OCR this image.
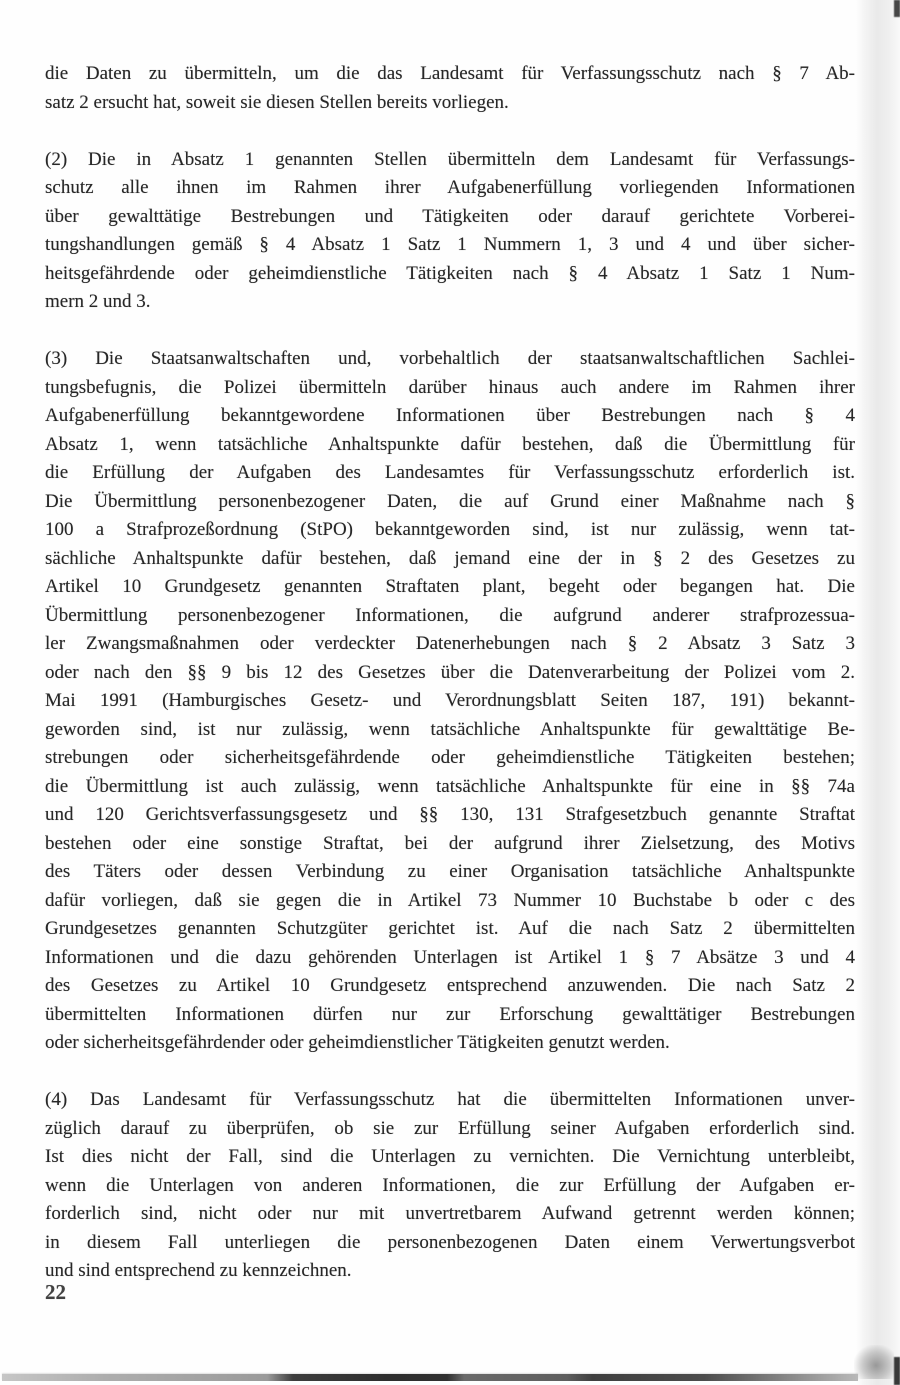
die Daten zu übermitteln, um die das Landesamt für Verfassungsschutz nach § 7 Ab-
satz 2 ersucht hat, soweit sie diesen Stellen bereits vorliegen.
(2) Die in Absatz 1 genannten Stellen übermitteln dem Landesamt für Verfassungs-
schutz alle ihnen im Rahmen ihrer Aufgabenerfüllung vorliegenden Informationen
über gewalttätige Bestrebungen und Tätigkeiten oder darauf gerichtete Vorberei-
tungshandlungen gemäß § 4 Absatz 1 Satz 1 Nummern 1, 3 und 4 und über sicher-
heitsgefährdende oder geheimdienstliche Tätigkeiten nach § 4 Absatz 1 Satz 1 Num-
mern 2 und 3.
(3) Die Staatsanwaltschaften und, vorbehaltlich der staatsanwaltschaftlichen Sachlei-
tungsbefugnis, die Polizei übermitteln darüber hinaus auch andere im Rahmen ihrer
Aufgabenerfüllung bekanntgewordene Informationen über Bestrebungen nach § 4
Absatz 1, wenn tatsächliche Anhaltspunkte dafür bestehen, daß die Übermittlung für
die Erfüllung der Aufgaben des Landesamtes für Verfassungsschutz erforderlich ist.
Die Übermittlung personenbezogener Daten, die auf Grund einer Maßnahme nach §
100 a Strafprozeßordnung (StPO) bekanntgeworden sind, ist nur zulässig, wenn tat-
sächliche Anhaltspunkte dafür bestehen, daß jemand eine der in § 2 des Gesetzes zu
Artikel 10 Grundgesetz genannten Straftaten plant, begeht oder begangen hat. Die
Übermittlung personenbezogener Informationen, die aufgrund anderer strafprozessua-
ler Zwangsmaßnahmen oder verdeckter Datenerhebungen nach § 2 Absatz 3 Satz 3
oder nach den §§ 9 bis 12 des Gesetzes über die Datenverarbeitung der Polizei vom 2.
Mai 1991 (Hamburgisches Gesetz- und Verordnungsblatt Seiten 187, 191) bekannt-
geworden sind, ist nur zulässig, wenn tatsächliche Anhaltspunkte für gewalttätige Be-
strebungen oder sicherheitsgefährdende oder geheimdienstliche Tätigkeiten bestehen;
die Übermittlung ist auch zulässig, wenn tatsächliche Anhaltspunkte für eine in §§ 74a
und 120 Gerichtsverfassungsgesetz und §§ 130, 131 Strafgesetzbuch genannte Straftat
bestehen oder eine sonstige Straftat, bei der aufgrund ihrer Zielsetzung, des Motivs
des Täters oder dessen Verbindung zu einer Organisation tatsächliche Anhaltspunkte
dafür vorliegen, daß sie gegen die in Artikel 73 Nummer 10 Buchstabe b oder c des
Grundgesetzes genannten Schutzgüter gerichtet ist. Auf die nach Satz 2 übermittelten
Informationen und die dazu gehörenden Unterlagen ist Artikel 1 § 7 Absätze 3 und 4
des Gesetzes zu Artikel 10 Grundgesetz entsprechend anzuwenden. Die nach Satz 2
übermittelten Informationen dürfen nur zur Erforschung gewalttätiger Bestrebungen
oder sicherheitsgefährdender oder geheimdienstlicher Tätigkeiten genutzt werden.
(4) Das Landesamt für Verfassungsschutz hat die übermittelten Informationen unver-
züglich darauf zu überprüfen, ob sie zur Erfüllung seiner Aufgaben erforderlich sind.
Ist dies nicht der Fall, sind die Unterlagen zu vernichten. Die Vernichtung unterbleibt,
wenn die Unterlagen von anderen Informationen, die zur Erfüllung der Aufgaben er-
forderlich sind, nicht oder nur mit unvertretbarem Aufwand getrennt werden können;
in diesem Fall unterliegen die personenbezogenen Daten einem Verwertungsverbot
und sind entsprechend zu kennzeichnen.
22
